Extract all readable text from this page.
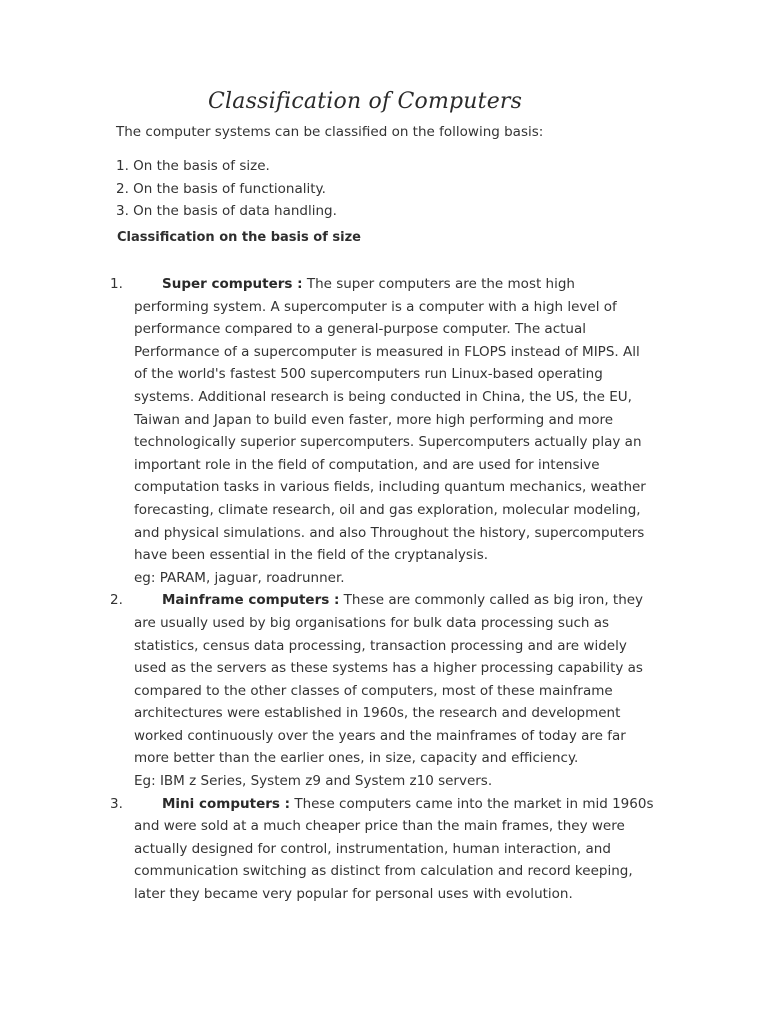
Classification of Computers

The computer systems can be classified on the following basis:

1. On the basis of size.
2. On the basis of functionality.
3. On the basis of data handling.
Classification on the basis of size
1.	Super computers : The super computers are the most high performing system. A supercomputer is a computer with a high level of performance compared to a general-purpose computer. The actual Performance of a supercomputer is measured in FLOPS instead of MIPS. All of the world's fastest 500 supercomputers run Linux-based operating systems. Additional research is being conducted in China, the US, the EU, Taiwan and Japan to build even faster, more high performing and more technologically superior supercomputers. Supercomputers actually play an important role in the field of computation, and are used for intensive computation tasks in various fields, including quantum mechanics, weather forecasting, climate research, oil and gas exploration, molecular modeling, and physical simulations. and also Throughout the history, supercomputers have been essential in the field of the cryptanalysis.
eg: PARAM, jaguar, roadrunner.
2.	Mainframe computers : These are commonly called as big iron, they are usually used by big organisations for bulk data processing such as statistics, census data processing, transaction processing and are widely used as the servers as these systems has a higher processing capability as compared to the other classes of computers, most of these mainframe architectures were established in 1960s, the research and development worked continuously over the years and the mainframes of today are far more better than the earlier ones, in size, capacity and efficiency.
Eg: IBM z Series, System z9 and System z10 servers.
3.	Mini computers : These computers came into the market in mid 1960s and were sold at a much cheaper price than the main frames, they were actually designed for control, instrumentation, human interaction, and communication switching as distinct from calculation and record keeping, later they became very popular for personal uses with evolution.
